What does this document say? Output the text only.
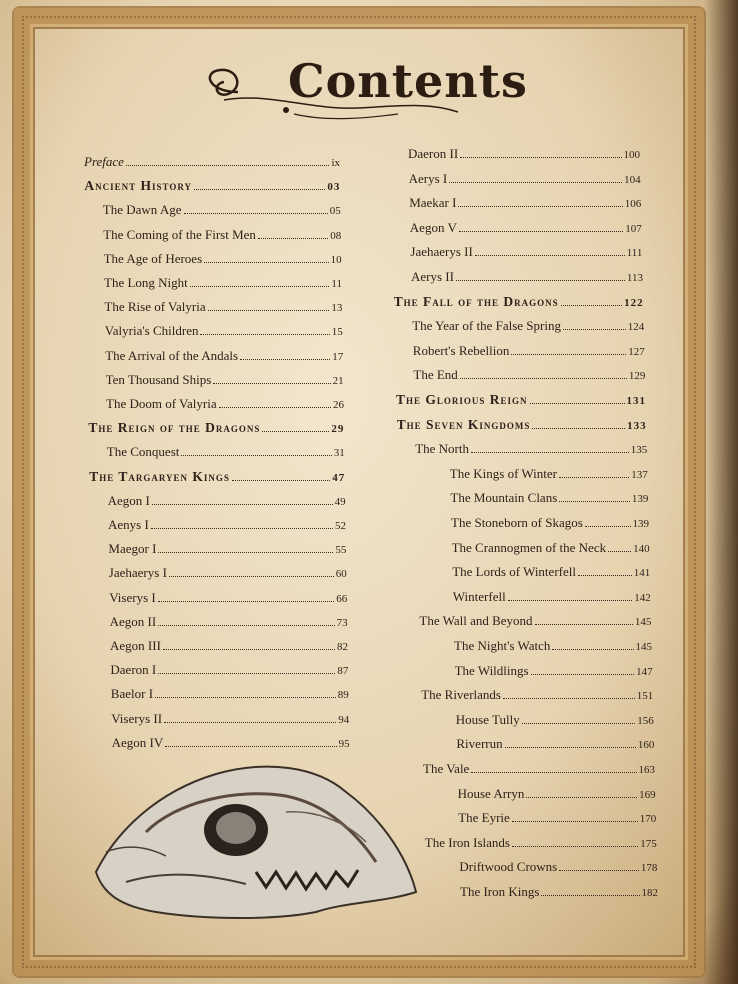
Contents
Preface	ix
Ancient History	03
The Dawn Age	05
The Coming of the First Men	08
The Age of Heroes	10
The Long Night	11
The Rise of Valyria	13
Valyria's Children	15
The Arrival of the Andals	17
Ten Thousand Ships	21
The Doom of Valyria	26
The Reign of the Dragons	29
The Conquest	31
The Targaryen Kings	47
Aegon I	49
Aenys I	52
Maegor I	55
Jaehaerys I	60
Viserys I	66
Aegon II	73
Aegon III	82
Daeron I	87
Baelor I	89
Viserys II	94
Aegon IV	95
Daeron II	100
Aerys I	104
Maekar I	106
Aegon V	107
Jaehaerys II	111
Aerys II	113
The Fall of the Dragons	122
The Year of the False Spring	124
Robert's Rebellion	127
The End	129
The Glorious Reign	131
The Seven Kingdoms	133
The North	135
The Kings of Winter	137
The Mountain Clans	139
The Stoneborn of Skagos	139
The Crannogmen of the Neck 140
The Lords of Winterfell	141
Winterfell	142
The Wall and Beyond	145
The Night's Watch	145
The Wildlings	147
The Riverlands	151
House Tully	156
Riverrun	160
The Vale	163
House Arryn	169
The Eyrie	170
The Iron Islands	175
Driftwood Crowns	178
The Iron Kings	182
